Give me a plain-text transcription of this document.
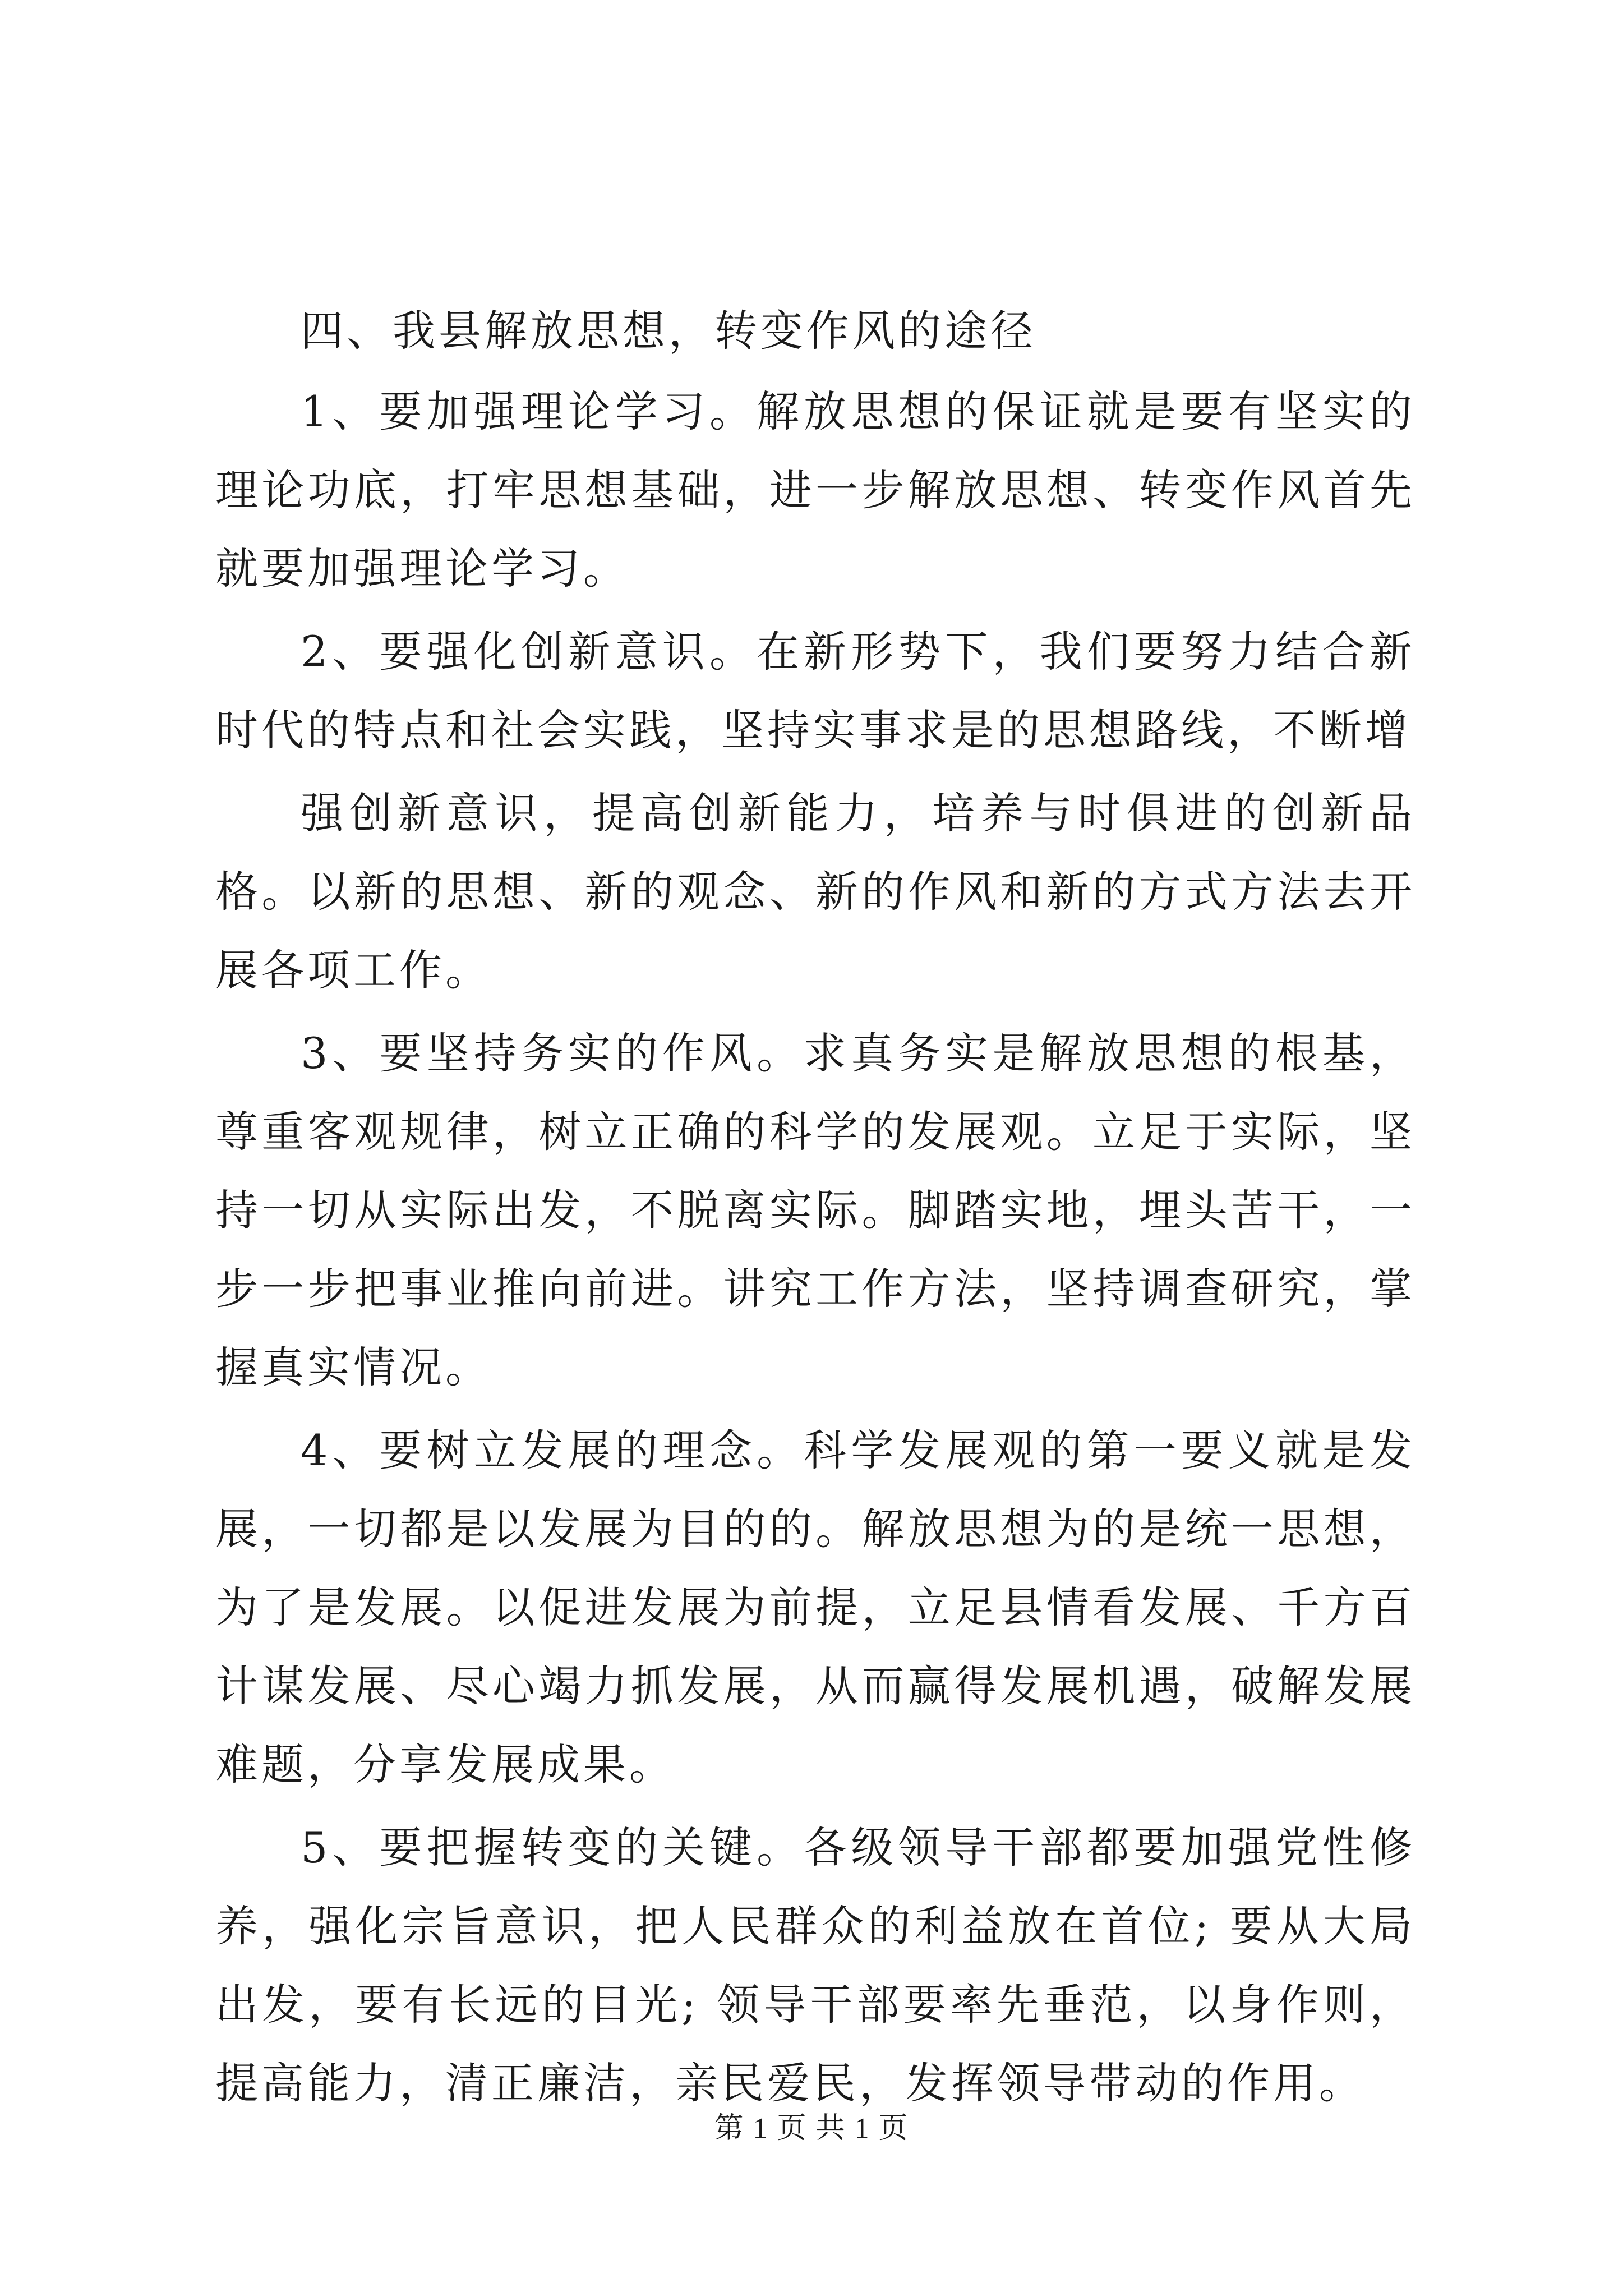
四、我县解放思想，转变作风的途径

1、要加强理论学习。解放思想的保证就是要有坚实的理论功底，打牢思想基础，进一步解放思想、转变作风首先就要加强理论学习。

2、要强化创新意识。在新形势下，我们要努力结合新时代的特点和社会实践，坚持实事求是的思想路线，不断增

强创新意识，提高创新能力，培养与时俱进的创新品格。以新的思想、新的观念、新的作风和新的方式方法去开展各项工作。

3、要坚持务实的作风。求真务实是解放思想的根基，尊重客观规律，树立正确的科学的发展观。立足于实际，坚持一切从实际出发，不脱离实际。脚踏实地，埋头苦干，一步一步把事业推向前进。讲究工作方法，坚持调查研究，掌握真实情况。

4、要树立发展的理念。科学发展观的第一要义就是发展，一切都是以发展为目的的。解放思想为的是统一思想，为了是发展。以促进发展为前提，立足县情看发展、千方百计谋发展、尽心竭力抓发展，从而赢得发展机遇，破解发展难题，分享发展成果。

5、要把握转变的关键。各级领导干部都要加强党性修养，强化宗旨意识，把人民群众的利益放在首位; 要从大局出发，要有长远的目光; 领导干部要率先垂范，以身作则，提高能力，清正廉洁，亲民爱民，发挥领导带动的作用。

第 1 页 共 1 页
